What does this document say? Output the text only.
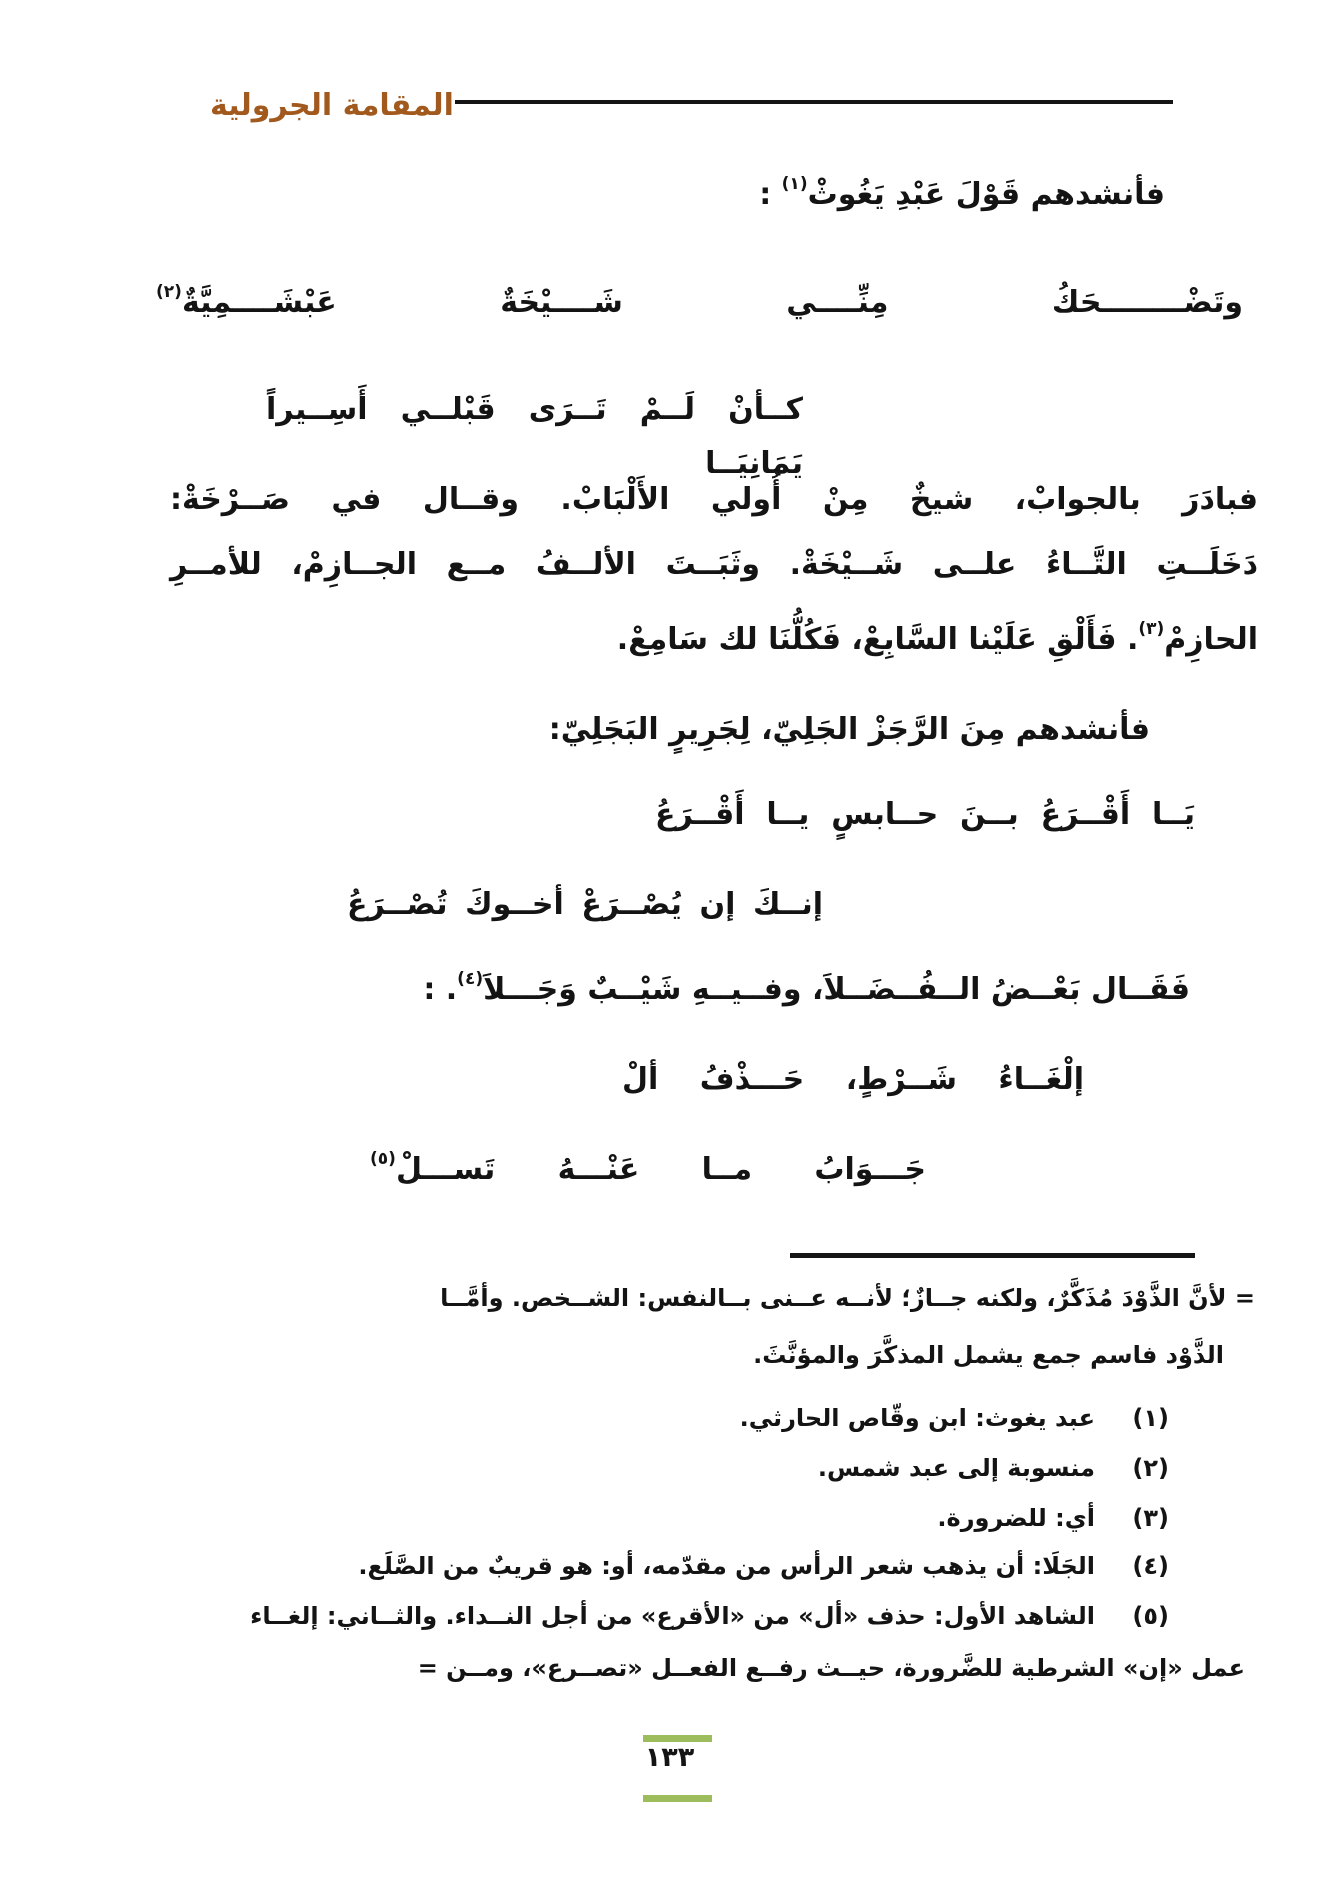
المقامة الجرولية
فأنشدهم قَوْلَ عَبْدِ يَغُوثْ$^{(١)}$ :
وتَضْــــــــحَكُ مِنِّــــي شَــــيْخَةٌ عَبْشَــــمِيَّةٌ$^{(٢)}$
كــأنْ لَــمْ تَــرَى قَبْلــي أَسِــيراً يَمَانِيَــا
فبادَرَ بالجوابْ، شيخٌ مِنْ أُولي الأَلْبَابْ. وقــال في صَــرْخَةْ:
دَخَلَــتِ التَّــاءُ علــى شَــيْخَةْ. وثَبَــتَ الألــفُ مــع الجــازِمْ، للأمــرِ
الحازِمْ$^{(٣)}$. فَأَلْقِ عَلَيْنا السَّابِعْ، فَكُلُّنَا لك سَامِعْ.
فأنشدهم مِنَ الرَّجَزْ الجَلِيّ، لِجَرِيرٍ البَجَلِيّ:
يَــا أَقْــرَعُ بــنَ حــابسٍ يــا أَقْــرَعُ
إنــكَ إن يُصْــرَعْ أخــوكَ تُصْــرَعُ
فَقَــال بَعْــضُ الــفُــضَــلاَ، وفــيــهِ شَيْــبٌ وَجَـــلاَ$^{(٤)}$. :
إلْغَــاءُ شَــرْطٍ، حَـــذْفُ ألْ
جَـــوَابُ مــا عَنْـــهُ تَســـلْ$^{(٥)}$
= لأنَّ الذَّوْدَ مُذَكَّرٌ، ولكنه جــازٌ؛ لأنــه عــنى بــالنفس: الشــخص. وأمَّــا
الذَّوْد فاسم جمع يشمل المذكَّرَ والمؤنَّثَ.
(١)
عبد يغوث: ابن وقّاص الحارثي.
(٢)
منسوبة إلى عبد شمس.
(٣)
أي: للضرورة.
(٤)
الجَلَا: أن يذهب شعر الرأس من مقدّمه، أو: هو قريبٌ من الصَّلَع.
(٥)
الشاهد الأول: حذف «أل» من «الأقرع» من أجل النــداء. والثــاني: إلغــاء
عمل «إن» الشرطية للضَّرورة، حيــث رفــع الفعــل «تصــرع»، ومــن =
١٣٣
